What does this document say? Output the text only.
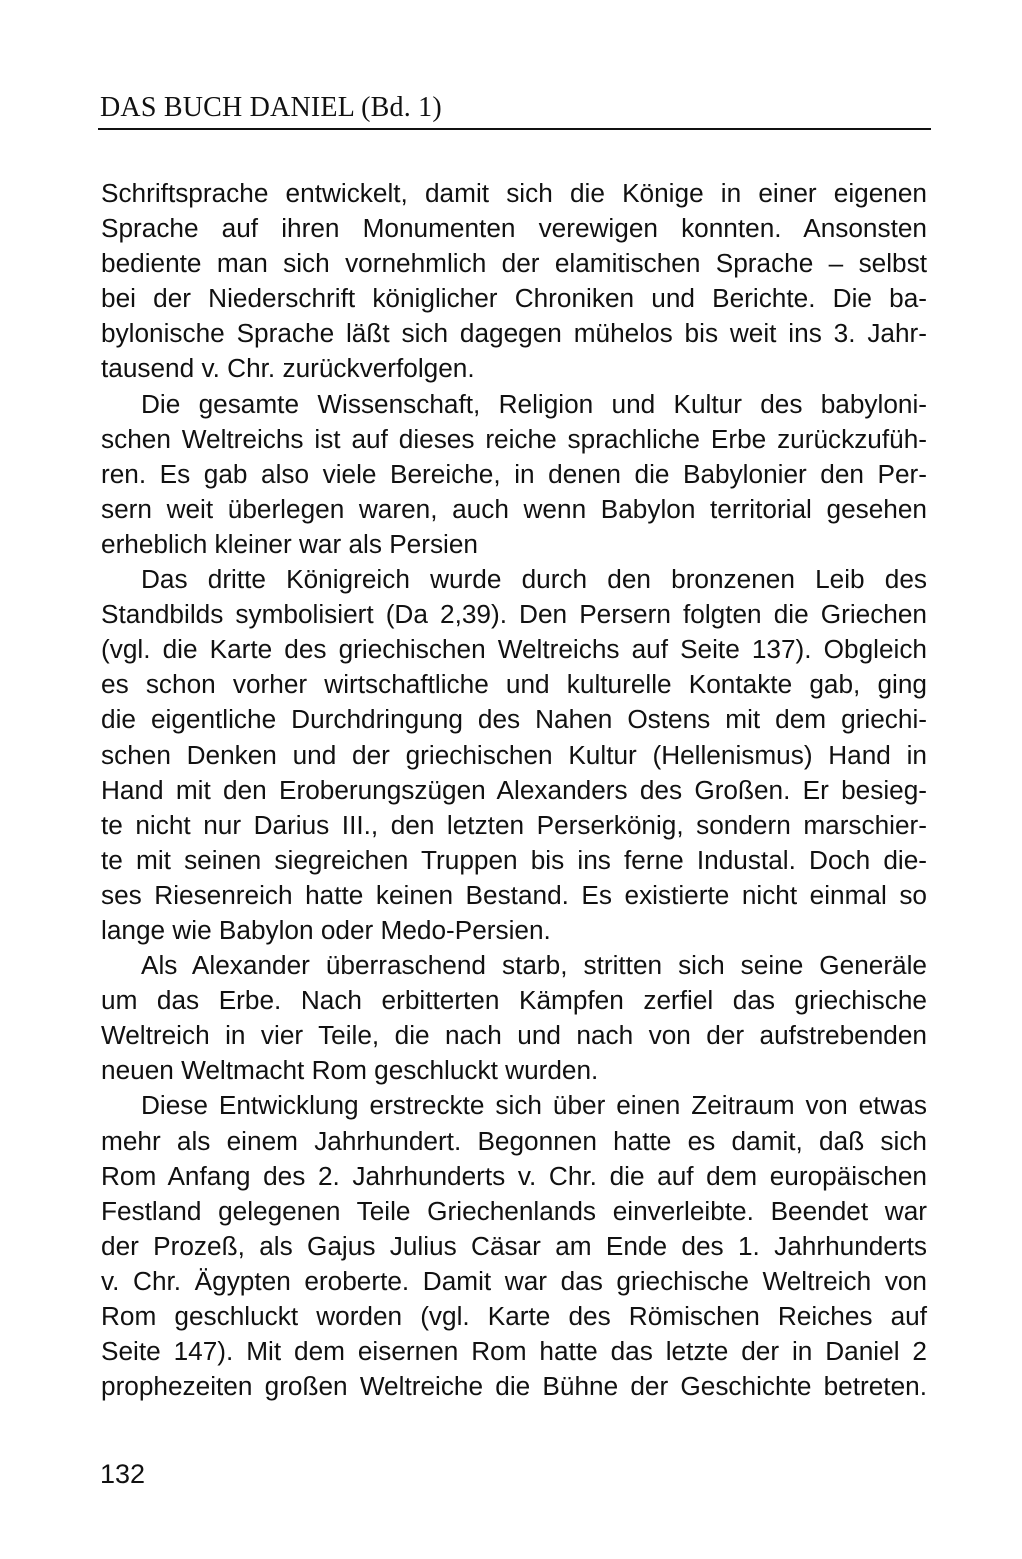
DAS BUCH DANIEL (Bd. 1)

Schriftsprache entwickelt, damit sich die Könige in einer eigenen
Sprache auf ihren Monumenten verewigen konnten. Ansonsten
bediente man sich vornehmlich der elamitischen Sprache – selbst
bei der Niederschrift königlicher Chroniken und Berichte. Die ba-
bylonische Sprache läßt sich dagegen mühelos bis weit ins 3. Jahr-
tausend v. Chr. zurückverfolgen.

Die gesamte Wissenschaft, Religion und Kultur des babyloni-
schen Weltreichs ist auf dieses reiche sprachliche Erbe zurückzufüh-
ren. Es gab also viele Bereiche, in denen die Babylonier den Per-
sern weit überlegen waren, auch wenn Babylon territorial gesehen
erheblich kleiner war als Persien

Das dritte Königreich wurde durch den bronzenen Leib des
Standbilds symbolisiert (Da 2,39). Den Persern folgten die Griechen
(vgl. die Karte des griechischen Weltreichs auf Seite 137). Obgleich
es schon vorher wirtschaftliche und kulturelle Kontakte gab, ging
die eigentliche Durchdringung des Nahen Ostens mit dem griechi-
schen Denken und der griechischen Kultur (Hellenismus) Hand in
Hand mit den Eroberungszügen Alexanders des Großen. Er besieg-
te nicht nur Darius III., den letzten Perserkönig, sondern marschier-
te mit seinen siegreichen Truppen bis ins ferne Industal. Doch die-
ses Riesenreich hatte keinen Bestand. Es existierte nicht einmal so
lange wie Babylon oder Medo-Persien.

Als Alexander überraschend starb, stritten sich seine Generäle
um das Erbe. Nach erbitterten Kämpfen zerfiel das griechische
Weltreich in vier Teile, die nach und nach von der aufstrebenden
neuen Weltmacht Rom geschluckt wurden.

Diese Entwicklung erstreckte sich über einen Zeitraum von etwas
mehr als einem Jahrhundert. Begonnen hatte es damit, daß sich
Rom Anfang des 2. Jahrhunderts v. Chr. die auf dem europäischen
Festland gelegenen Teile Griechenlands einverleibte. Beendet war
der Prozeß, als Gajus Julius Cäsar am Ende des 1. Jahrhunderts
v. Chr. Ägypten eroberte. Damit war das griechische Weltreich von
Rom geschluckt worden (vgl. Karte des Römischen Reiches auf
Seite 147). Mit dem eisernen Rom hatte das letzte der in Daniel 2
prophezeiten großen Weltreiche die Bühne der Geschichte betreten.

132
